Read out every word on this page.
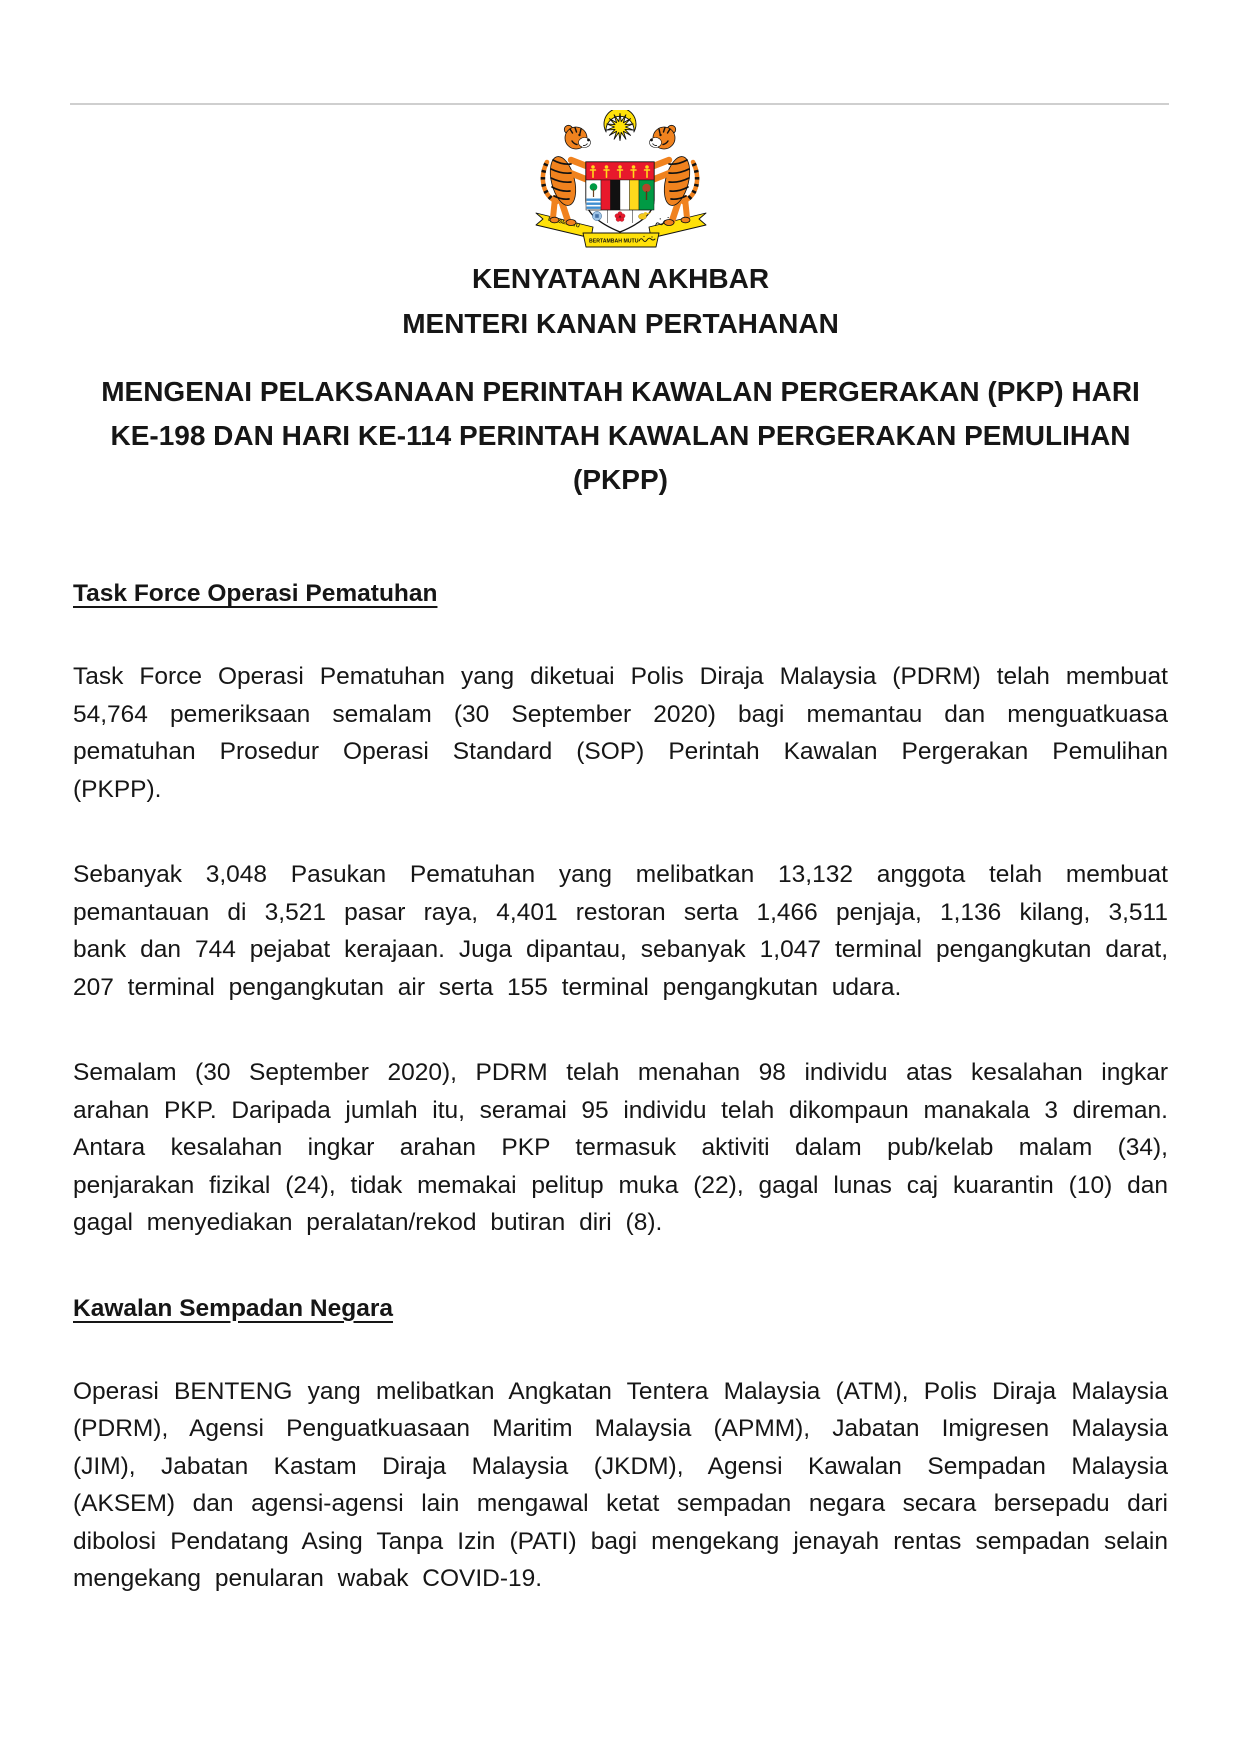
BERSEKUTU
BERTAMBAH MUTU
KENYATAAN AKHBAR
MENTERI KANAN PERTAHANAN
MENGENAI PELAKSANAAN PERINTAH KAWALAN PERGERAKAN (PKP) HARI
KE-198 DAN HARI KE-114 PERINTAH KAWALAN PERGERAKAN PEMULIHAN
(PKPP)
Task Force Operasi Pematuhan

Task Force Operasi Pematuhan yang diketuai Polis Diraja Malaysia (PDRM) telah membuat 54,764 pemeriksaan semalam (30 September 2020) bagi memantau dan menguatkuasa pematuhan Prosedur Operasi Standard (SOP) Perintah Kawalan Pergerakan Pemulihan (PKPP).

Sebanyak 3,048 Pasukan Pematuhan yang melibatkan 13,132 anggota telah membuat pemantauan di 3,521 pasar raya, 4,401 restoran serta 1,466 penjaja, 1,136 kilang, 3,511 bank dan 744 pejabat kerajaan. Juga dipantau, sebanyak 1,047 terminal pengangkutan darat, 207 terminal pengangkutan air serta 155 terminal pengangkutan udara.

Semalam (30 September 2020), PDRM telah menahan 98 individu atas kesalahan ingkar arahan PKP. Daripada jumlah itu, seramai 95 individu telah dikompaun manakala 3 direman. Antara kesalahan ingkar arahan PKP termasuk aktiviti dalam pub/kelab malam (34), penjarakan fizikal (24), tidak memakai pelitup muka (22), gagal lunas caj kuarantin (10) dan gagal menyediakan peralatan/rekod butiran diri (8).

Kawalan Sempadan Negara

Operasi BENTENG yang melibatkan Angkatan Tentera Malaysia (ATM), Polis Diraja Malaysia (PDRM), Agensi Penguatkuasaan Maritim Malaysia (APMM), Jabatan Imigresen Malaysia (JIM), Jabatan Kastam Diraja Malaysia (JKDM), Agensi Kawalan Sempadan Malaysia (AKSEM) dan agensi-agensi lain mengawal ketat sempadan negara secara bersepadu dari dibolosi Pendatang Asing Tanpa Izin (PATI) bagi mengekang jenayah rentas sempadan selain mengekang penularan wabak COVID-19.
